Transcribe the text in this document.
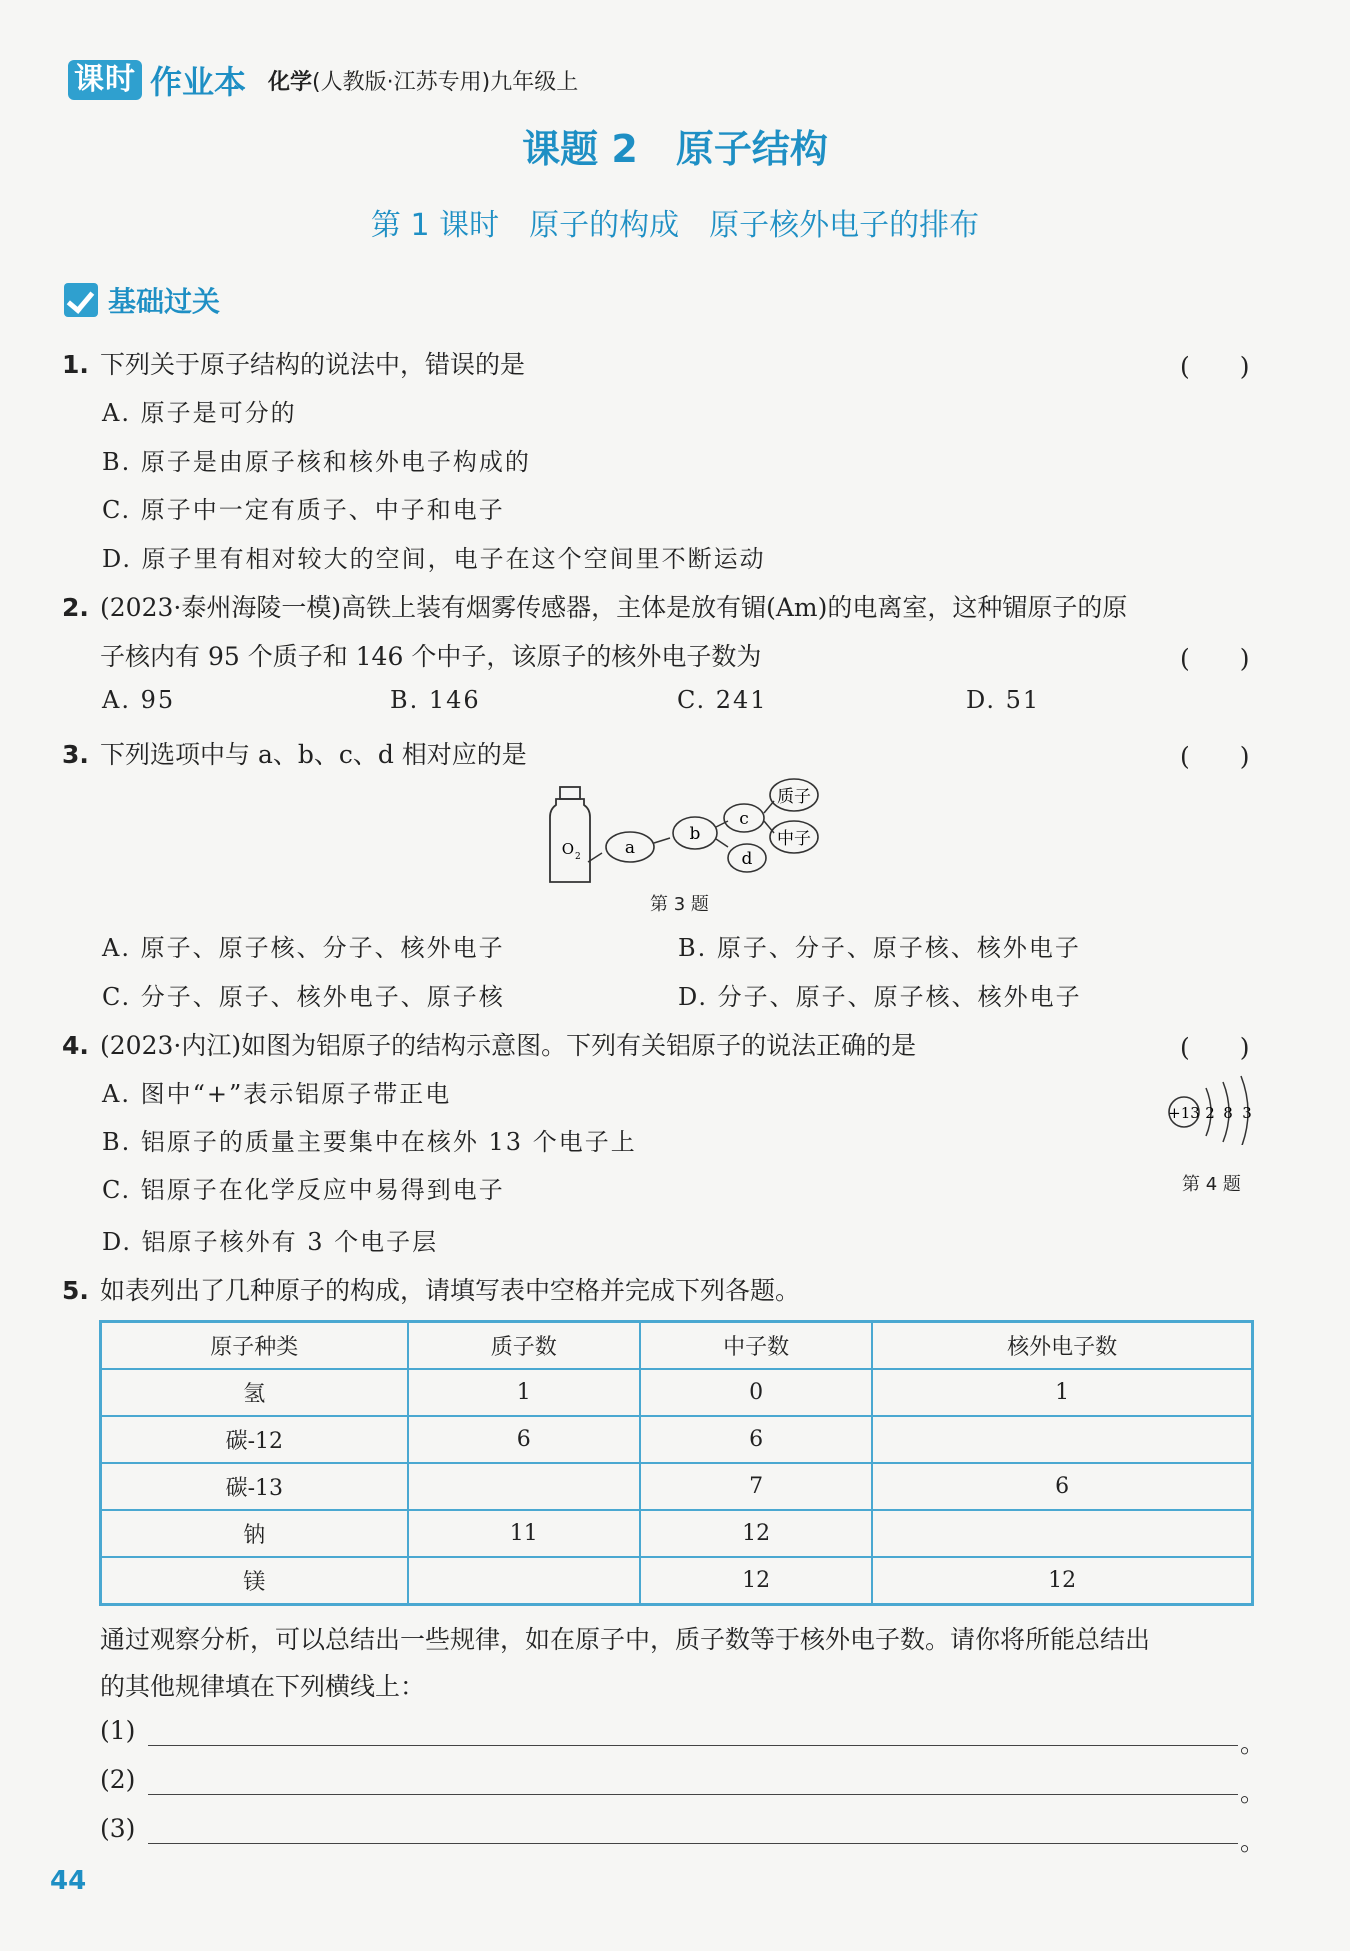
课时 作业本 化学(人教版·江苏专用)九年级上
课题 2　原子结构
第 1 课时　原子的构成　原子核外电子的排布
基础过关
1. 下列关于原子结构的说法中，错误的是	(　　)
A. 原子是可分的
B. 原子是由原子核和核外电子构成的
C. 原子中一定有质子、中子和电子
D. 原子里有相对较大的空间，电子在这个空间里不断运动
2. (2023·泰州海陵一模)高铁上装有烟雾传感器，主体是放有镅(Am)的电离室，这种镅原子的原
子核内有 95 个质子和 146 个中子，该原子的核外电子数为	(　　)
A. 95	B. 146	C. 241	D. 51
3. 下列选项中与 a、b、c、d 相对应的是	(　　)
O 2	a
b
c
d
质子
中子
第 3 题
A. 原子、原子核、分子、核外电子	B. 原子、分子、原子核、核外电子
C. 分子、原子、核外电子、原子核	D. 分子、原子、原子核、核外电子
4. (2023·内江)如图为铝原子的结构示意图。下列有关铝原子的说法正确的是	(　　)
A. 图中“+”表示铝原子带正电
B. 铝原子的质量主要集中在核外 13 个电子上
C. 铝原子在化学反应中易得到电子
D. 铝原子核外有 3 个电子层
+13 2 8 3
第 4 题
5. 如表列出了几种原子的构成，请填写表中空格并完成下列各题。
原子种类	质子数	中子数	核外电子数
氢	1	0	1
碳-12	6	6	
碳-13		7	6
钠	11	12	
镁		12	12
通过观察分析，可以总结出一些规律，如在原子中，质子数等于核外电子数。请你将所能总结出
的其他规律填在下列横线上：
(1)	。
(2)	。
(3)	。
44
